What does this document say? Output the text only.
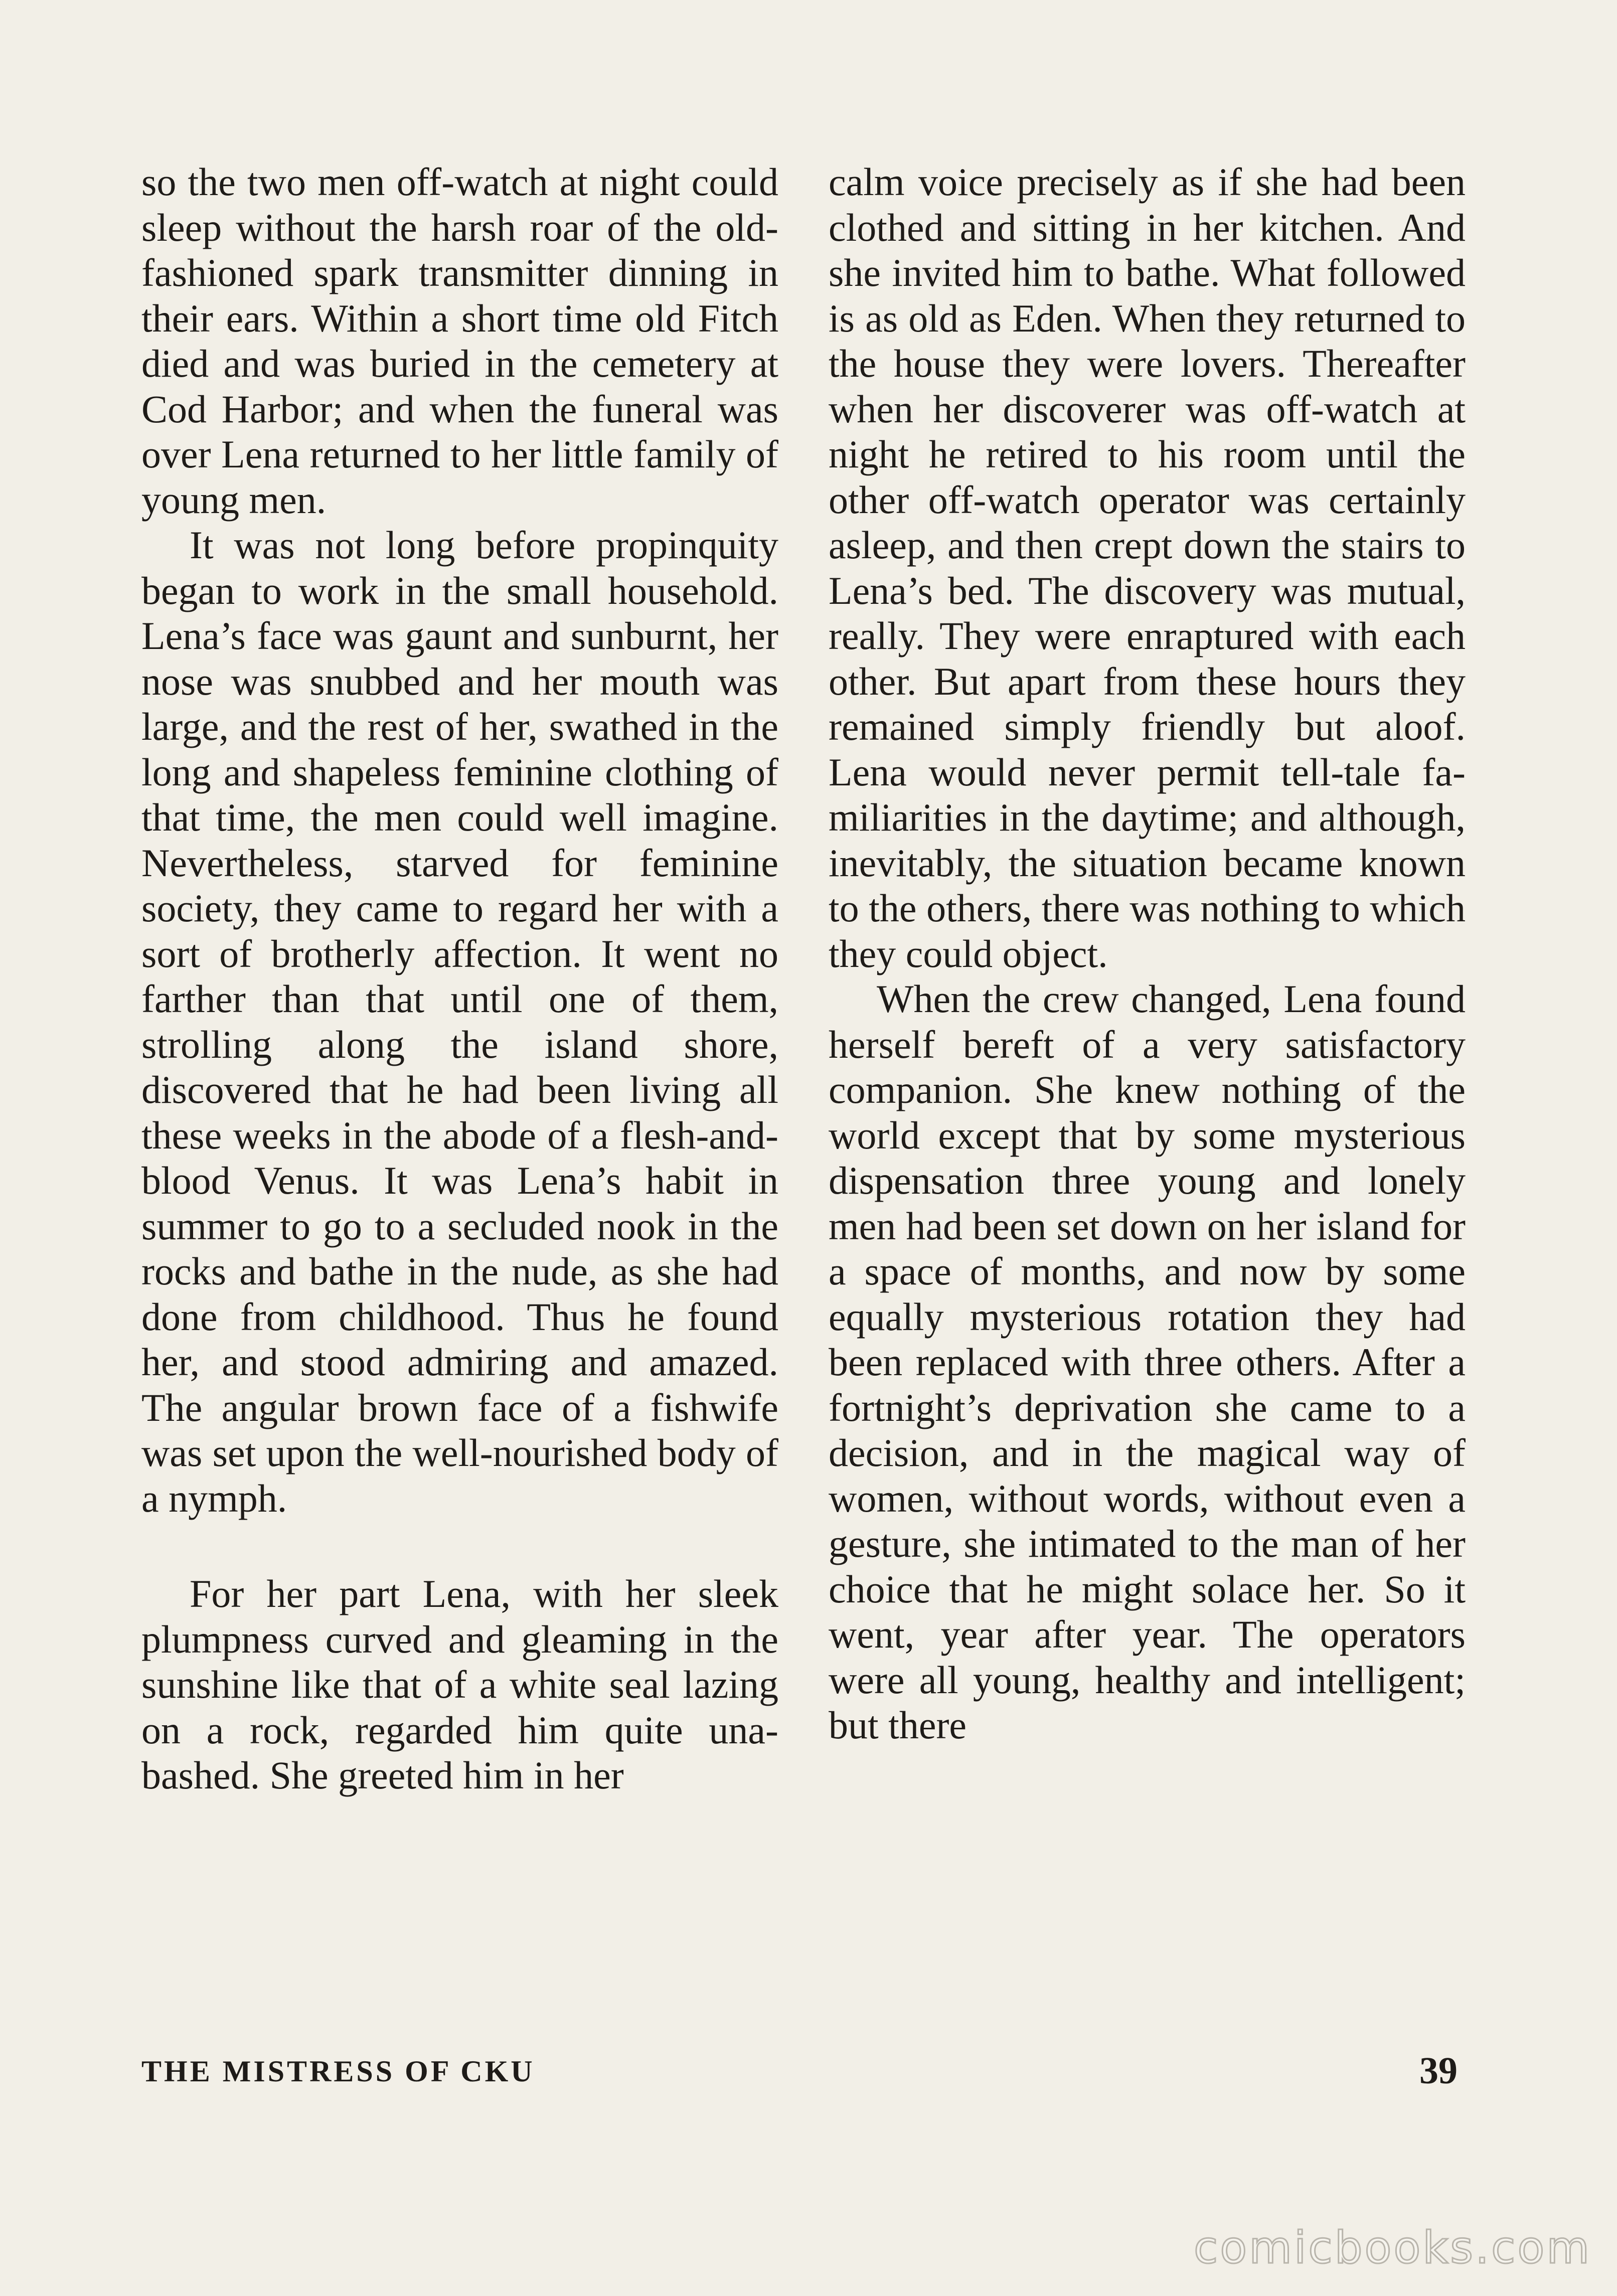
so the two men off-watch at night could sleep without the harsh roar of the old-fashioned spark transmitter dinning in their ears. Within a short time old Fitch died and was buried in the cemetery at Cod Harbor; and when the funeral was over Lena returned to her little family of young men.

It was not long before propinquity began to work in the small household. Lena’s face was gaunt and sunburnt, her nose was snubbed and her mouth was large, and the rest of her, swathed in the long and shapeless feminine clothing of that time, the men could well imagine. Nevertheless, starved for feminine society, they came to regard her with a sort of brotherly affection. It went no farther than that until one of them, strolling along the island shore, discovered that he had been living all these weeks in the abode of a flesh-and-blood Venus. It was Lena’s habit in summer to go to a secluded nook in the rocks and bathe in the nude, as she had done from childhood. Thus he found her, and stood admiring and amazed. The angular brown face of a fishwife was set upon the well-nourished body of a nymph.

For her part Lena, with her sleek plumpness curved and gleaming in the sunshine like that of a white seal lazing on a rock, regarded him quite unabashed. She greeted him in her

calm voice precisely as if she had been clothed and sitting in her kitchen. And she invited him to bathe. What followed is as old as Eden. When they returned to the house they were lovers. Thereafter when her discoverer was off-watch at night he retired to his room until the other off-watch operator was certainly asleep, and then crept down the stairs to Lena’s bed. The discovery was mutual, really. They were enraptured with each other. But apart from these hours they remained simply friendly but aloof. Lena would never permit tell-tale familiarities in the daytime; and although, inevitably, the situation became known to the others, there was nothing to which they could object.

When the crew changed, Lena found herself bereft of a very satisfactory companion. She knew nothing of the world except that by some mysterious dispensation three young and lonely men had been set down on her island for a space of months, and now by some equally mysterious rotation they had been replaced with three others. After a fortnight’s deprivation she came to a decision, and in the magical way of women, without words, without even a gesture, she intimated to the man of her choice that he might solace her. So it went, year after year. The operators were all young, healthy and intelligent; but there

THE MISTRESS OF CKU	39
comicbooks.com
